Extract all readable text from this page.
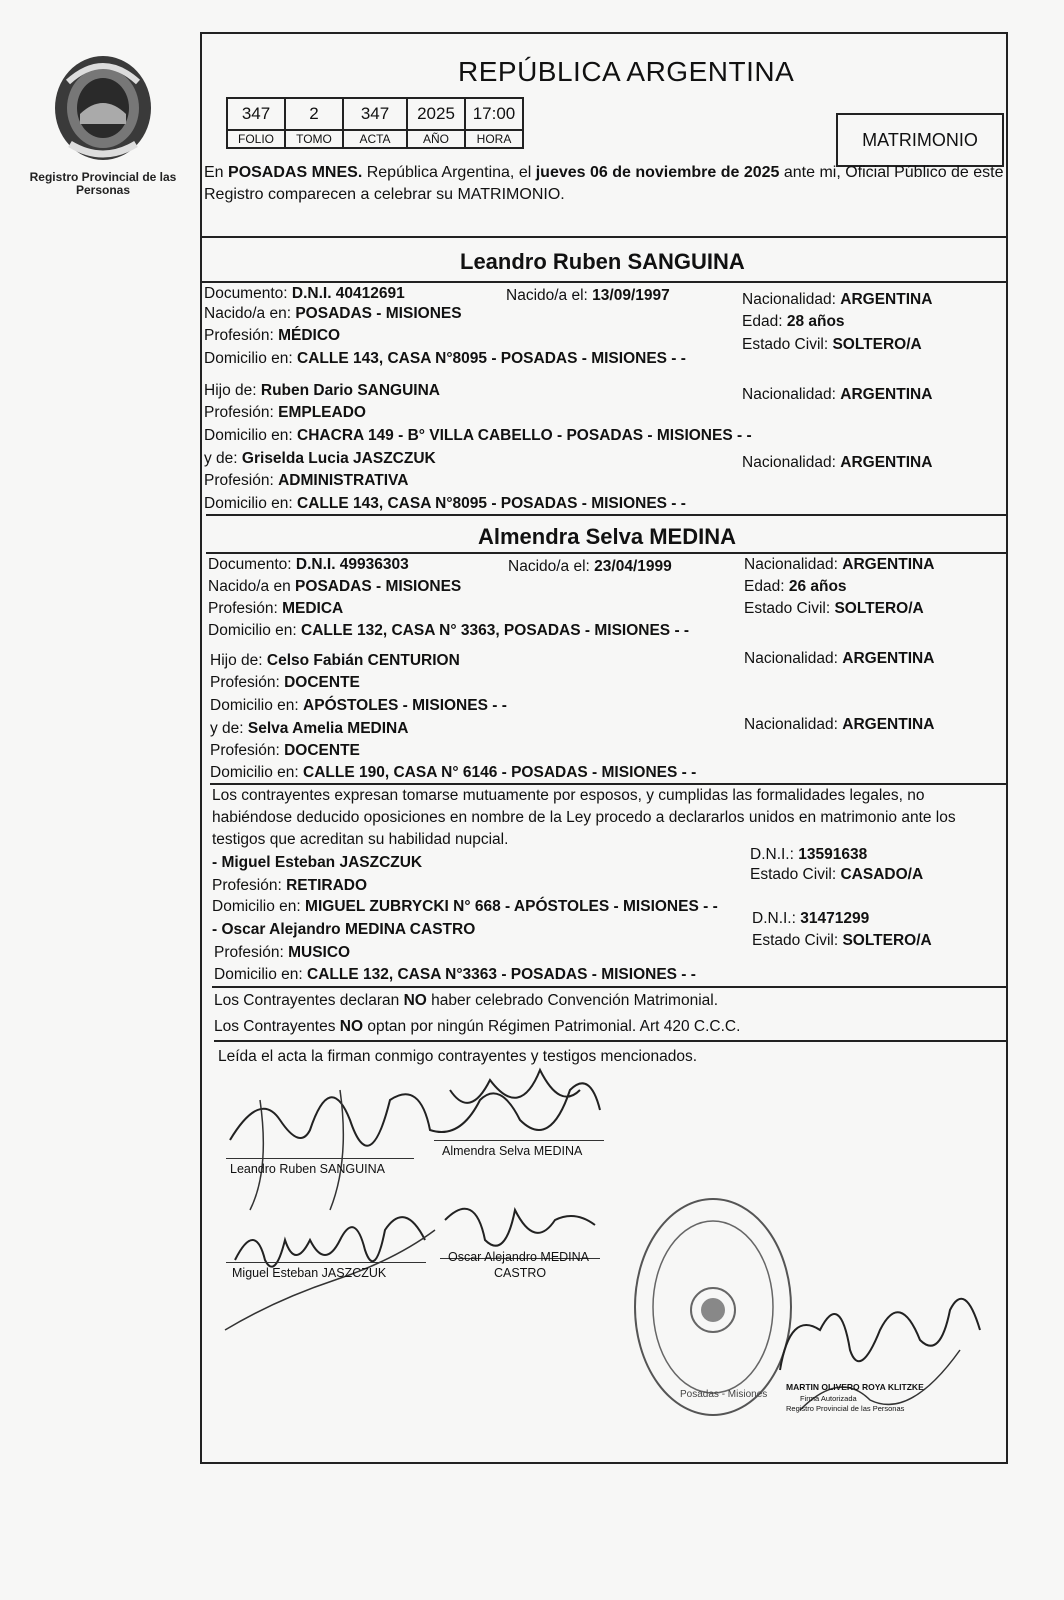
Registro Provincial de las Personas
REPÚBLICA ARGENTINA
347	2	347	2025	17:00
FOLIO	TOMO	ACTA	AÑO	HORA	MATRIMONIO
En POSADAS MNES. República Argentina, el jueves 06 de noviembre de 2025 ante mi, Oficial Público de este Registro comparecen a celebrar su MATRIMONIO.
Leandro Ruben SANGUINA
Documento: D.N.I. 40412691	Nacido/a el: 13/09/1997	Nacionalidad: ARGENTINA
Nacido/a en: POSADAS - MISIONES	Edad: 28 años
Profesión: MÉDICO
Estado Civil: SOLTERO/A
Domicilio en: CALLE 143, CASA N°8095 - POSADAS - MISIONES - -
Hijo de: Ruben Dario SANGUINA	Nacionalidad: ARGENTINA
Profesión: EMPLEADO
Domicilio en: CHACRA 149 - B° VILLA CABELLO - POSADAS - MISIONES - -
y de: Griselda Lucia JASZCZUK	Nacionalidad: ARGENTINA
Profesión: ADMINISTRATIVA
Domicilio en: CALLE 143, CASA N°8095 - POSADAS - MISIONES - -
Almendra Selva MEDINA
Documento: D.N.I. 49936303	Nacido/a el: 23/04/1999	Nacionalidad: ARGENTINA
Nacido/a en POSADAS - MISIONES	Edad: 26 años
Profesión: MEDICA	Estado Civil: SOLTERO/A
Domicilio en: CALLE 132, CASA N° 3363, POSADAS - MISIONES - -
Hijo de: Celso Fabián CENTURION	Nacionalidad: ARGENTINA
Profesión: DOCENTE
Domicilio en: APÓSTOLES - MISIONES - -
y de: Selva Amelia MEDINA	Nacionalidad: ARGENTINA
Profesión: DOCENTE
Domicilio en: CALLE 190, CASA N° 6146 - POSADAS - MISIONES - -
Los contrayentes expresan tomarse mutuamente por esposos, y cumplidas las formalidades legales, no habiéndose deducido oposiciones en nombre de la Ley procedo a declararlos unidos en matrimonio ante los testigos que acreditan su habilidad nupcial.
- Miguel Esteban JASZCZUK	D.N.I.: 13591638
Estado Civil: CASADO/A
Profesión: RETIRADO
Domicilio en: MIGUEL ZUBRYCKI N° 668 - APÓSTOLES - MISIONES - -
- Oscar Alejandro MEDINA CASTRO
D.N.I.: 31471299
Estado Civil: SOLTERO/A
Profesión: MUSICO
Domicilio en: CALLE 132, CASA N°3363 - POSADAS - MISIONES - -
Los Contrayentes declaran NO haber celebrado Convención Matrimonial.
Los Contrayentes NO optan por ningún Régimen Patrimonial. Art 420 C.C.C.
Leída el acta la firman conmigo contrayentes y testigos mencionados.
Leandro Ruben SANGUINA
Almendra Selva MEDINA
Miguel Esteban JASZCZUK
Oscar Alejandro MEDINA
CASTRO
Posadas - Misiones
MARTIN OLIVERO ROYA KLITZKE
Firma Autorizada
Registro Provincial de las Personas
